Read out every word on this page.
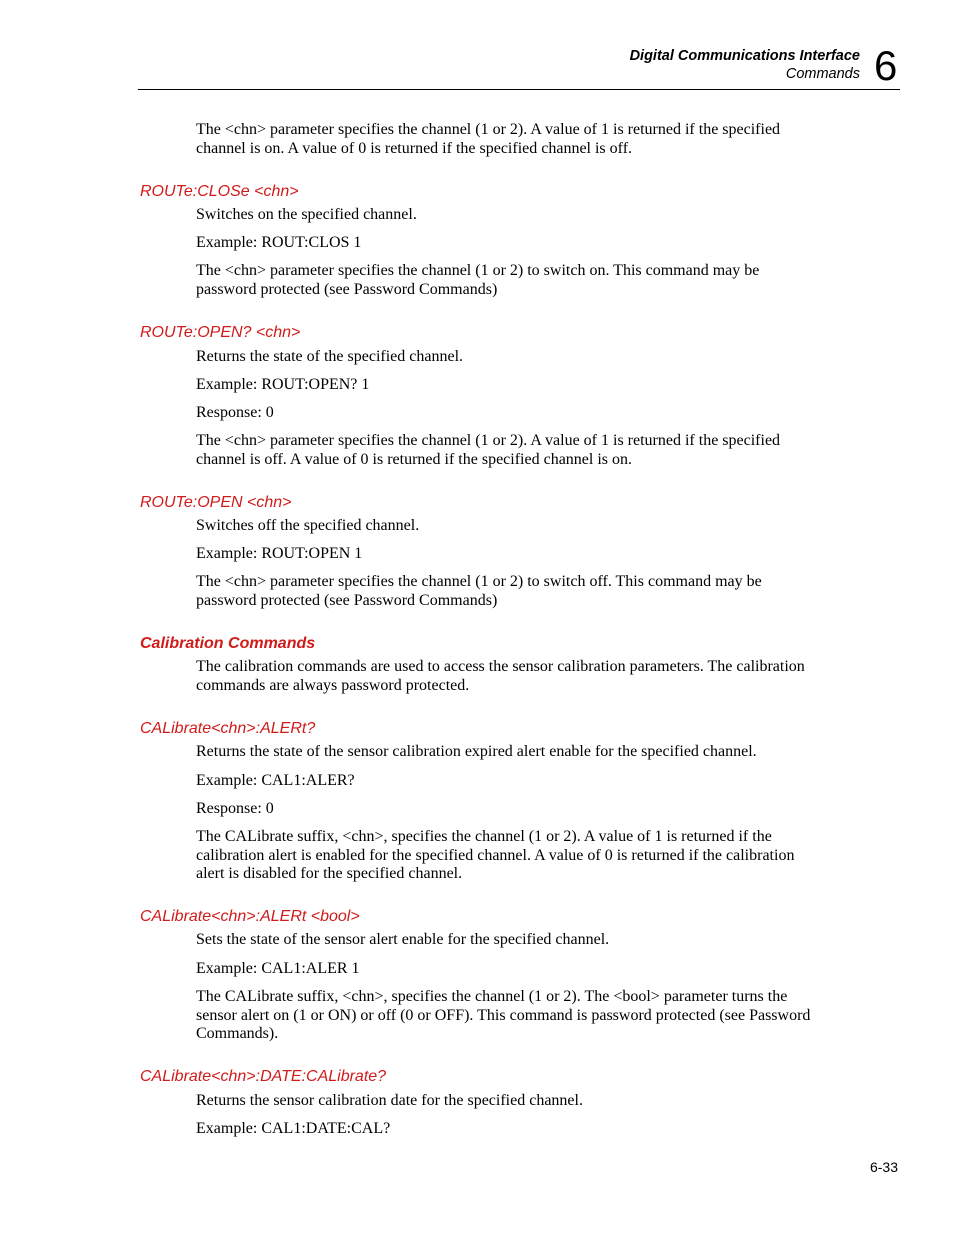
Digital Communications Interface
Commands 6

The <chn> parameter specifies the channel (1 or 2). A value of 1 is returned if the specified channel is on. A value of 0 is returned if the specified channel is off.

ROUTe:CLOSe <chn>

Switches on the specified channel.

Example: ROUT:CLOS 1

The <chn> parameter specifies the channel (1 or 2) to switch on. This command may be password protected (see Password Commands)

ROUTe:OPEN? <chn>

Returns the state of the specified channel.

Example: ROUT:OPEN? 1

Response: 0

The <chn> parameter specifies the channel (1 or 2). A value of 1 is returned if the specified channel is off. A value of 0 is returned if the specified channel is on.

ROUTe:OPEN <chn>

Switches off the specified channel.

Example: ROUT:OPEN 1

The <chn> parameter specifies the channel (1 or 2) to switch off. This command may be password protected (see Password Commands)

Calibration Commands

The calibration commands are used to access the sensor calibration parameters. The calibration commands are always password protected.

CALibrate<chn>:ALERt?

Returns the state of the sensor calibration expired alert enable for the specified channel.

Example: CAL1:ALER?

Response: 0

The CALibrate suffix, <chn>, specifies the channel (1 or 2). A value of 1 is returned if the calibration alert is enabled for the specified channel. A value of 0 is returned if the calibration alert is disabled for the specified channel.

CALibrate<chn>:ALERt <bool>

Sets the state of the sensor alert enable for the specified channel.

Example: CAL1:ALER 1

The CALibrate suffix, <chn>, specifies the channel (1 or 2). The <bool> parameter turns the sensor alert on (1 or ON) or off (0 or OFF). This command is password protected (see Password Commands).

CALibrate<chn>:DATE:CALibrate?

Returns the sensor calibration date for the specified channel.

Example: CAL1:DATE:CAL?

6-33
